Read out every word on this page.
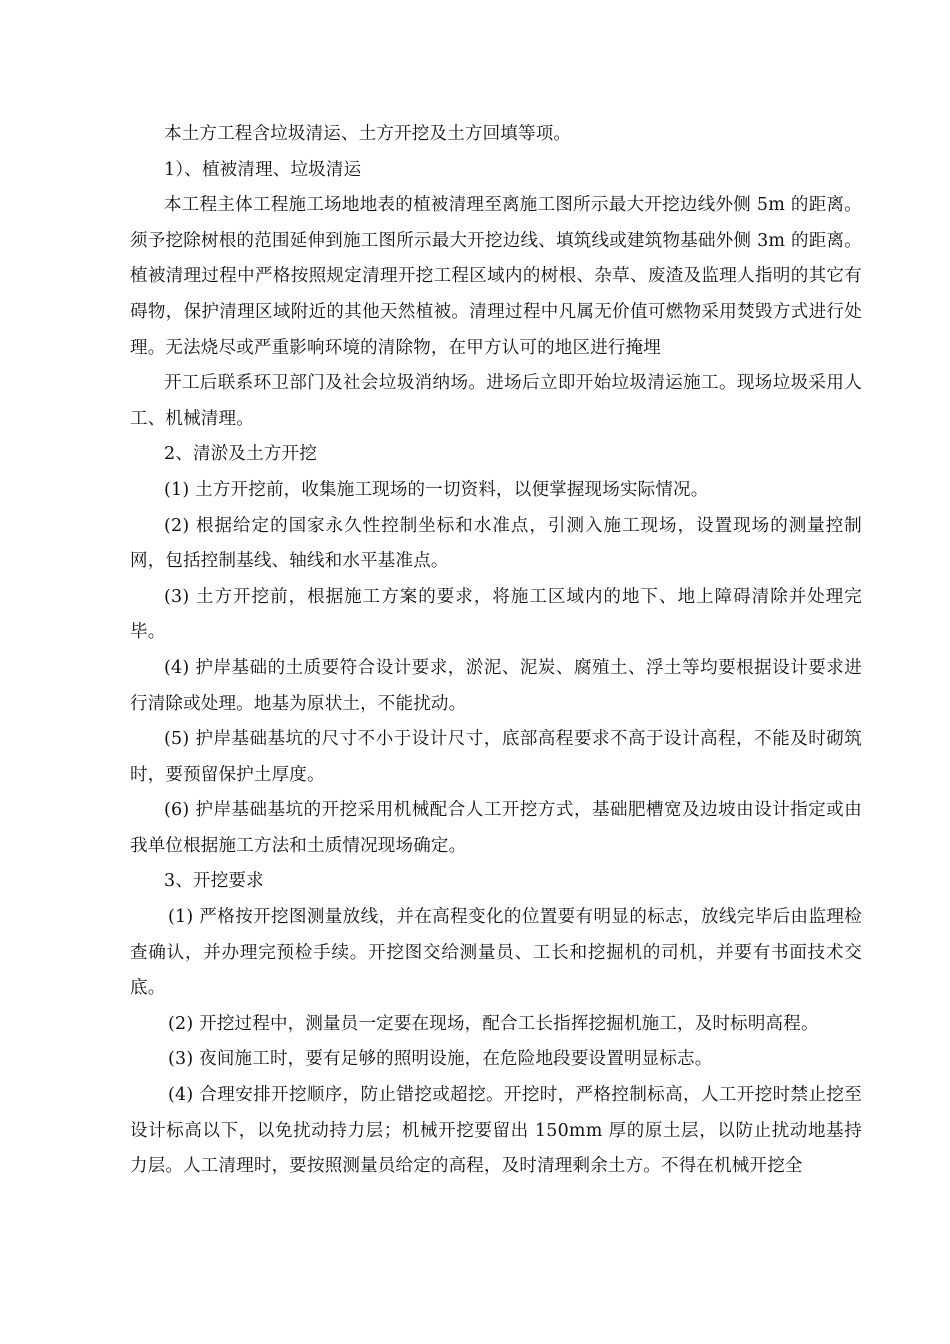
本土方工程含垃圾清运、土方开挖及土方回填等项。

1）、植被清理、垃圾清运

本工程主体工程施工场地地表的植被清理至离施工图所示最大开挖边线外侧 5m 的距离。须予挖除树根的范围延伸到施工图所示最大开挖边线、填筑线或建筑物基础外侧 3m 的距离。植被清理过程中严格按照规定清理开挖工程区域内的树根、杂草、废渣及监理人指明的其它有碍物，保护清理区域附近的其他天然植被。清理过程中凡属无价值可燃物采用焚毁方式进行处理。无法烧尽或严重影响环境的清除物，在甲方认可的地区进行掩埋

开工后联系环卫部门及社会垃圾消纳场。进场后立即开始垃圾清运施工。现场垃圾采用人工、机械清理。

2、清淤及土方开挖

(1) 土方开挖前，收集施工现场的一切资料，以便掌握现场实际情况。

(2) 根据给定的国家永久性控制坐标和水准点，引测入施工现场，设置现场的测量控制网，包括控制基线、轴线和水平基准点。

(3) 土方开挖前，根据施工方案的要求，将施工区域内的地下、地上障碍清除并处理完毕。

(4) 护岸基础的土质要符合设计要求，淤泥、泥炭、腐殖土、浮土等均要根据设计要求进行清除或处理。地基为原状土，不能扰动。

(5) 护岸基础基坑的尺寸不小于设计尺寸，底部高程要求不高于设计高程，不能及时砌筑时，要预留保护土厚度。

(6) 护岸基础基坑的开挖采用机械配合人工开挖方式，基础肥槽宽及边坡由设计指定或由我单位根据施工方法和土质情况现场确定。

3、开挖要求

(1) 严格按开挖图测量放线，并在高程变化的位置要有明显的标志，放线完毕后由监理检查确认，并办理完预检手续。开挖图交给测量员、工长和挖掘机的司机，并要有书面技术交底。

(2) 开挖过程中，测量员一定要在现场，配合工长指挥挖掘机施工，及时标明高程。

(3) 夜间施工时，要有足够的照明设施，在危险地段要设置明显标志。

(4) 合理安排开挖顺序，防止错挖或超挖。开挖时，严格控制标高，人工开挖时禁止挖至设计标高以下，以免扰动持力层；机械开挖要留出 150mm 厚的原土层，以防止扰动地基持力层。人工清理时，要按照测量员给定的高程，及时清理剩余土方。不得在机械开挖全
